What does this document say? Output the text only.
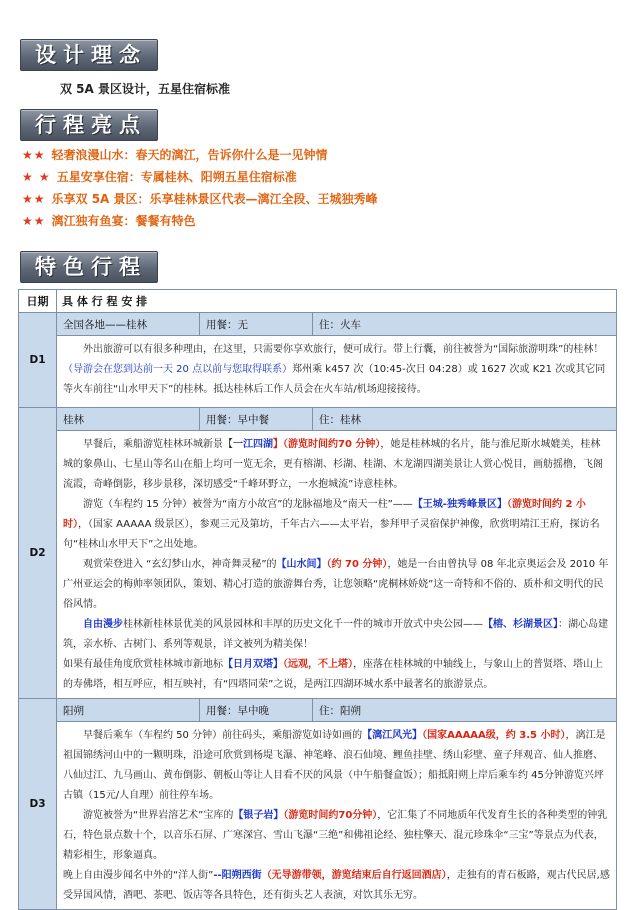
设计理念
双 5A 景区设计，五星住宿标准
行程亮点
★★ 轻奢浪漫山水：春天的漓江，告诉你什么是一见钟情
★ ★ 五星安享住宿：专属桂林、阳朔五星住宿标准
★★ 乐享双 5A 景区：乐享桂林景区代表—漓江全段、王城独秀峰
★★ 漓江独有鱼宴：餐餐有特色
特色行程
日期	具 体 行 程 安 排		
D1	全国各地——桂林	用餐：无	住：火车

	外出旅游可以有很多种理由，在这里，只需要你享欢旅行，便可成行。带上行囊，前往被誉为“国际旅游明珠”的桂林！（导游会在您到达前一天 20 点以前与您取得联系）郑州乘 k457 次（10:45-次日 04:28）或 1627 次或 K21 次或其它同等火车前往“山水甲天下”的桂林。抵达桂林后工作人员会在火车站/机场迎接接待。		

D2	桂林	用餐：早中餐	住：桂林

	早餐后，乘船游览桂林环城新景【一江四湖】（游览时间约70 分钟），她是桂林城的名片，能与淮尼斯水城媲美，桂林城的象鼻山、七星山等名山在船上均可一览无余，更有榕湖、杉湖、桂湖、木龙湖四湖美景让人赏心悦目，画舫摇橹，飞阁流霞，奇峰倒影，移步景移，深切感受“千峰环野立，一水抱城流”诗意桂林。

游览（车程约 15 分钟）被誉为“南方小故宫”的龙脉福地及“南天一柱”——【王城-独秀峰景区】（游览时间约 2 小时），（国家 AAAAA 级景区），参观三元及第坊，千年古六——太平岩，参拜甲子灵宿保护神像，欣赏明靖江王府，探访名句“桂林山水甲天下”之出处地。

观赏荣登进入 “玄幻梦山水，神奇舞灵秘”的【山水间】（约 70 分钟），她是一台由曾执导 08 年北京奥运会及 2010 年广州亚运会的梅帅率领团队，策划、精心打造的旅游舞台秀，让您领略“虎桐林娇娆”这一奇特和不俗的、质朴和文明代的民俗风情。

自由漫步桂林新桂林景优美的风景园林和丰厚的历史文化千一件的城市开放式中央公园——【榕、杉湖景区】：湖心岛建筑，亲水桥、古树门、系列等观景，详文被列为精美保！

如果有最佳角度欣赏桂林城市新地标【日月双塔】（远观，不上塔），座落在桂林城的中轴线上，与象山上的普贤塔、塔山上的寿佛塔，相互呼应，相互映衬，有“四塔同荣”之说，是两江四湖环城水系中最著名的旅游景点。		

D3	阳朔	用餐：早中晚	住：阳朔

	早餐后乘车（车程约 50 分钟）前往码头，乘船游览如诗如画的【漓江风光】（国家AAAAA级，约 3.5 小时），漓江是祖国锦绣河山中的一颗明珠，沿途可欣赏到杨堤飞瀑、神笔峰、浪石仙境、鲤鱼挂壁、绣山彩壁、童子拜观音、仙人推磨、八仙过江、九马画山、黄布倒影、朝板山等让人目看不厌的风景（中午船餐盒饭）；船抵阳朔上岸后乘车约 45分钟游览兴坪古镇（15元/人自理）前往停车场。

游览被誉为“世界岩溶艺术”宝库的【银子岩】（游览时间约70分钟），它汇集了不同地质年代发育生长的各种类型的钟乳石，特色景点数十个，以音乐石屏、广寒深宫、雪山飞瀑“三绝”和佛祖论经、独柱擎天、混元珍珠伞“三宝”等景点为代表，精彩相生，形象逼真。

晚上自由漫步闻名中外的“洋人街”--阳朔西街（无导游带领，游览结束后自行返回酒店），走独有的青石板路，观古代民居,感受异国风情，酒吧、茶吧、饭店等各具特色，还有街头艺人表演，对饮其乐无穷。		
